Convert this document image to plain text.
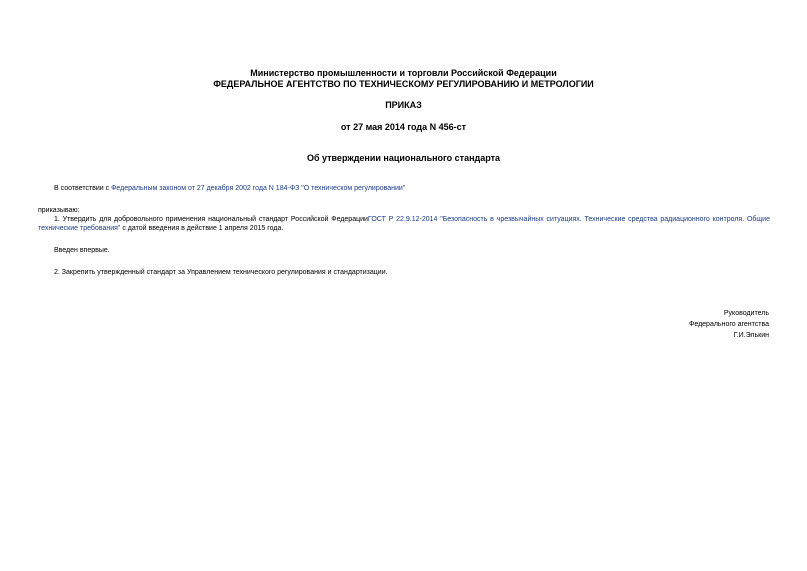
Министерство промышленности и торговли Российской Федерации
ФЕДЕРАЛЬНОЕ АГЕНТСТВО ПО ТЕХНИЧЕСКОМУ РЕГУЛИРОВАНИЮ И МЕТРОЛОГИИ
ПРИКАЗ
от 27 мая 2014 года N 456-ст
Об утверждении национального стандарта
В соответствии с Федеральным законом от 27 декабря 2002 года N 184-ФЗ "О техническом регулировании"
приказываю:
1. Утвердить для добровольного применения национальный стандарт Российской ФедерацииГОСТ Р 22.9.12-2014 "Безопасность в чрезвычайных ситуациях. Технические средства радиационного контроля. Общие технические требования" с датой введения в действие 1 апреля 2015 года.
Введен впервые.
2. Закрепить утвержденный стандарт за Управлением технического регулирования и стандартизации.
Руководитель
Федерального агентства
Г.И.Элькин
